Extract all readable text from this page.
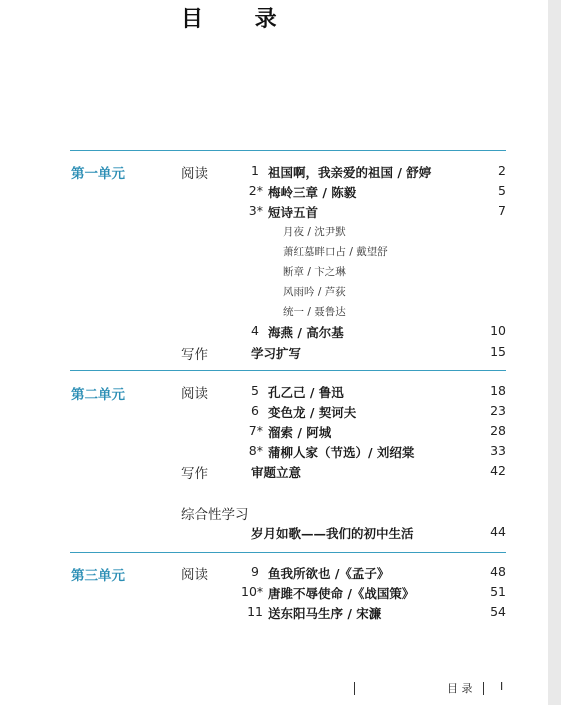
目 录
第一单元	阅读	1 祖国啊，我亲爱的祖国 / 舒婷	2
2* 梅岭三章 / 陈毅	5
3* 短诗五首	7
月夜 / 沈尹默
萧红墓畔口占 / 戴望舒
断章 / 卞之琳
风雨吟 / 芦荻
统一 / 聂鲁达
4 海燕 / 高尔基	10
写作	学习扩写	15
第二单元	阅读	5 孔乙己 / 鲁迅	18
6 变色龙 / 契诃夫	23
7* 溜索 / 阿城	28
8* 蒲柳人家（节选）/ 刘绍棠	33
写作	审题立意	42
综合性学习
岁月如歌——我们的初中生活	44
第三单元	阅读	9 鱼我所欲也 /《孟子》	48
10* 唐雎不辱使命 /《战国策》	51
11 送东阳马生序 / 宋濂	54
目 录	I
